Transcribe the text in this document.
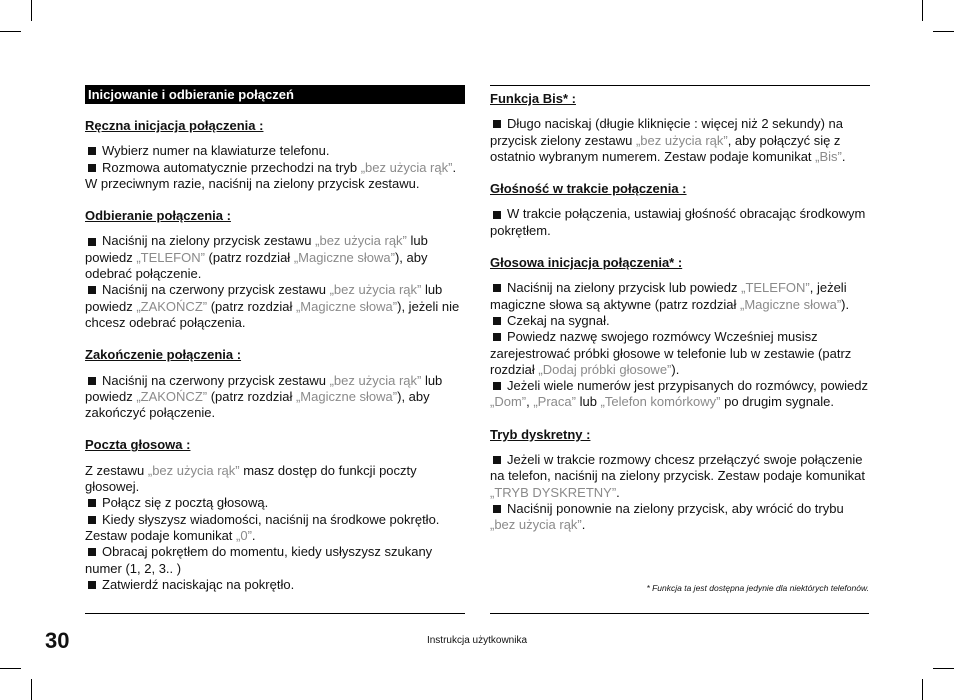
Inicjowanie i odbieranie połączeń

Ręczna inicjacja połączenia :

Wybierz numer na klawiaturze telefonu.

Rozmowa automatycznie przechodzi na tryb „bez użycia rąk”. W przeciwnym razie, naciśnij na zielony przycisk zestawu.

Odbieranie połączenia :

Naciśnij na zielony przycisk zestawu „bez użycia rąk” lub powiedz „TELEFON” (patrz rozdział „Magiczne słowa”), aby odebrać połączenie.

Naciśnij na czerwony przycisk zestawu „bez użycia rąk” lub powiedz „ZAKOŃCZ” (patrz rozdział „Magiczne słowa”), jeżeli nie chcesz odebrać połączenia.

Zakończenie połączenia :

Naciśnij na czerwony przycisk zestawu „bez użycia rąk” lub powiedz „ZAKOŃCZ” (patrz rozdział „Magiczne słowa”), aby zakończyć połączenie.

Poczta głosowa :

Z zestawu „bez użycia rąk” masz dostęp do funkcji poczty głosowej.

Połącz się z pocztą głosową.

Kiedy słyszysz wiadomości, naciśnij na środkowe pokrętło. Zestaw podaje komunikat „0”.

Obracaj pokrętłem do momentu, kiedy usłyszysz szukany numer (1, 2, 3.. )

Zatwierdź naciskając na pokrętło.

Funkcja Bis* :

Długo naciskaj (długie kliknięcie : więcej niż 2 sekundy) na przycisk zielony zestawu „bez użycia rąk”, aby połączyć się z ostatnio wybranym numerem. Zestaw podaje komunikat „Bis”.

Głośność w trakcie połączenia :

W trakcie połączenia, ustawiaj głośność obracając środkowym pokrętłem.

Głosowa inicjacja połączenia* :

Naciśnij na zielony przycisk lub powiedz „TELEFON”, jeżeli magiczne słowa są aktywne (patrz rozdział „Magiczne słowa”).

Czekaj na sygnał.

Powiedz nazwę swojego rozmówcy Wcześniej musisz zarejestrować próbki głosowe w telefonie lub w zestawie (patrz rozdział „Dodaj próbki głosowe”).

Jeżeli wiele numerów jest przypisanych do rozmówcy, powiedz „Dom”, „Praca” lub „Telefon komórkowy” po drugim sygnale.

Tryb dyskretny :

Jeżeli w trakcie rozmowy chcesz przełączyć swoje połączenie na telefon, naciśnij na zielony przycisk. Zestaw podaje komunikat „TRYB DYSKRETNY”.

Naciśnij ponownie na zielony przycisk, aby wrócić do trybu „bez użycia rąk”.

* Funkcja ta jest dostępna jedynie dla niektórych telefonów.
30	Instrukcja użytkownika
